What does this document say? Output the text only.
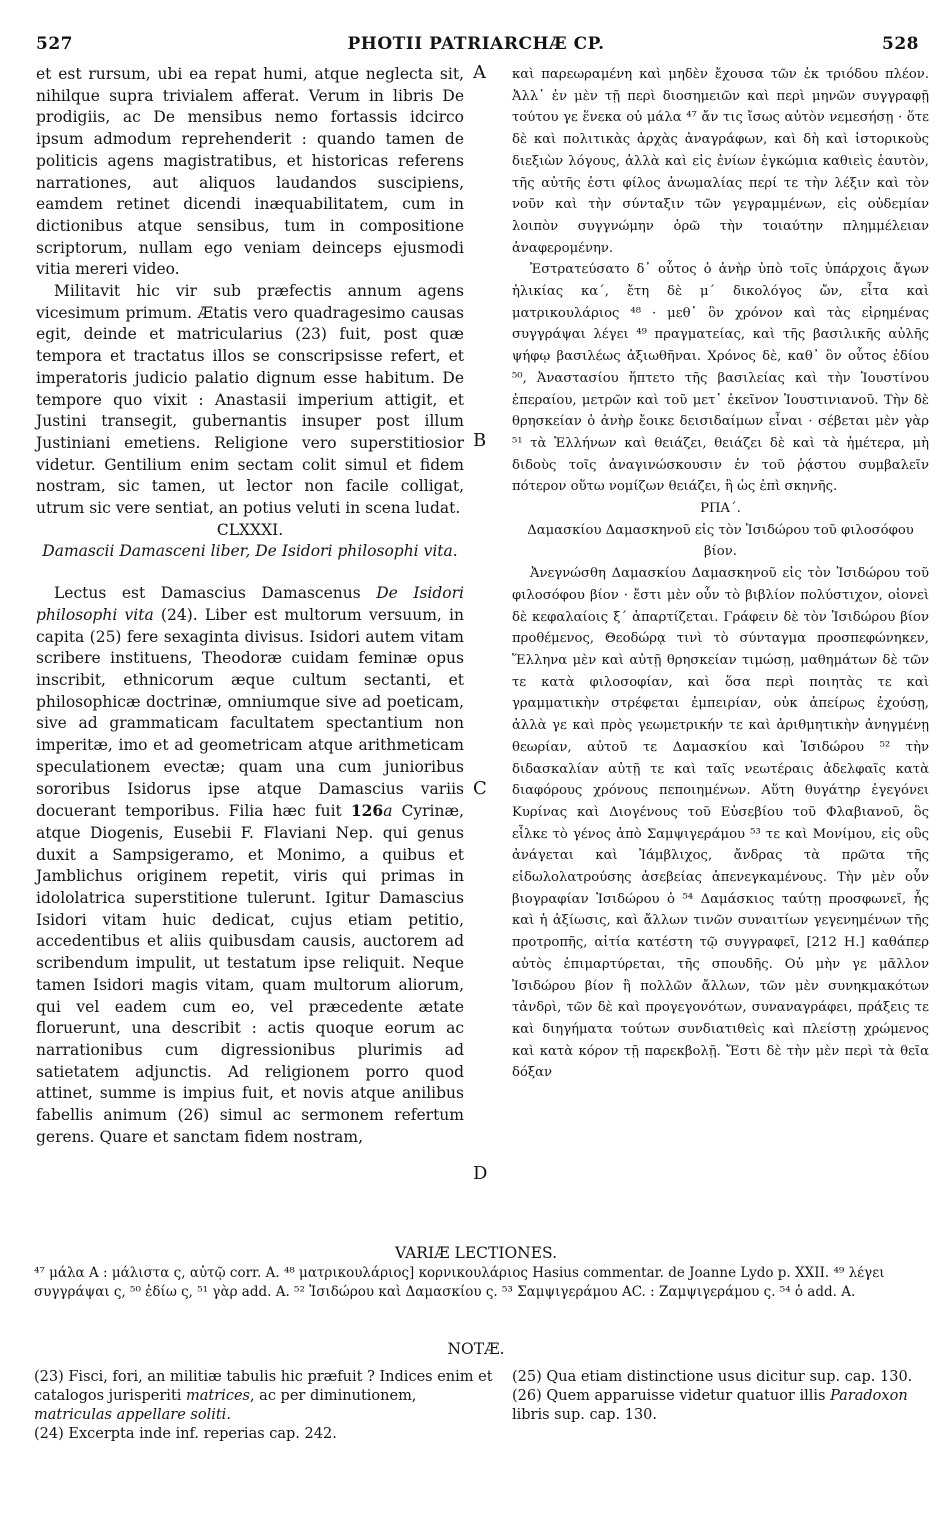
527	PHOTII PATRIARCHÆ CP.	528
A
B
C
D

et est rursum, ubi ea repat humi, atque neglecta sit, nihilque supra trivialem afferat. Verum in libris De prodigiis, ac De mensibus nemo fortassis idcirco ipsum admodum reprehenderit : quando tamen de politicis agens magistratibus, et historicas referens narrationes, aut aliquos laudandos suscipiens, eamdem retinet dicendi inæquabilitatem, cum in dictionibus atque sensibus, tum in compositione scriptorum, nullam ego veniam deinceps ejusmodi vitia mereri video.

Militavit hic vir sub præfectis annum agens vicesimum primum. Ætatis vero quadragesimo causas egit, deinde et matricularius (23) fuit, post quæ tempora et tractatus illos se conscripsisse refert, et imperatoris judicio palatio dignum esse habitum. De tempore quo vixit : Anastasii imperium attigit, et Justini transegit, gubernantis insuper post illum Justiniani emetiens. Religione vero superstitiosior videtur. Gentilium enim sectam colit simul et fidem nostram, sic tamen, ut lector non facile colligat, utrum sic vere sentiat, an potius veluti in scena ludat.

CLXXXI.

Damascii Damasceni liber, De Isidori philosophi vita.

Lectus est Damascius Damascenus De Isidori philosophi vita (24). Liber est multorum versuum, in capita (25) fere sexaginta divisus. Isidori autem vitam scribere instituens, Theodoræ cuidam feminæ opus inscribit, ethnicorum æque cultum sectanti, et philosophicæ doctrinæ, omniumque sive ad poeticam, sive ad grammaticam facultatem spectantium non imperitæ, imo et ad geometricam atque arithmeticam speculationem evectæ; quam una cum junioribus sororibus Isidorus ipse atque Damascius variis docuerant temporibus. Filia hæc fuit 126a Cyrinæ, atque Diogenis, Eusebii F. Flaviani Nep. qui genus duxit a Sampsigeramo, et Monimo, a quibus et Jamblichus originem repetit, viris qui primas in idololatrica superstitione tulerunt. Igitur Damascius Isidori vitam huic dedicat, cujus etiam petitio, accedentibus et aliis quibusdam causis, auctorem ad scribendum impulit, ut testatum ipse reliquit. Neque tamen Isidori magis vitam, quam multorum aliorum, qui vel eadem cum eo, vel præcedente ætate floruerunt, una describit : actis quoque eorum ac narrationibus cum digressionibus plurimis ad satietatem adjunctis. Ad religionem porro quod attinet, summe is impius fuit, et novis atque anilibus fabellis animum (26) simul ac sermonem refertum gerens. Quare et sanctam fidem nostram,

καὶ παρεωραμένη καὶ μηδὲν ἔχουσα τῶν ἐκ τριόδου πλέον. Ἀλλ᾽ ἐν μὲν τῇ περὶ διοσημειῶν καὶ περὶ μηνῶν συγγραφῇ τούτου γε ἕνεκα οὐ μάλα ⁴⁷ ἄν τις ἴσως αὐτὸν νεμεσήσῃ · ὅτε δὲ καὶ πολιτικὰς ἀρχὰς ἀναγράφων, καὶ δὴ καὶ ἱστορικοὺς διεξιὼν λόγους, ἀλλὰ καὶ εἰς ἐνίων ἐγκώμια καθιεὶς ἑαυτὸν, τῆς αὐτῆς ἐστι φίλος ἀνωμαλίας περί τε τὴν λέξιν καὶ τὸν νοῦν καὶ τὴν σύνταξιν τῶν γεγραμμένων, εἰς οὐδεμίαν λοιπὸν συγγνώμην ὁρῶ τὴν τοιαύτην πλημμέλειαν ἀναφερομένην.

Ἐστρατεύσατο δ᾽ οὗτος ὁ ἀνὴρ ὑπὸ τοῖς ὑπάρχοις ἄγων ἡλικίας κα´, ἔτη δὲ μ´ δικολόγος ὤν, εἶτα καὶ ματρικουλάριος ⁴⁸ · μεθ᾽ ὃν χρόνον καὶ τὰς εἰρημένας συγγράψαι λέγει ⁴⁹ πραγματείας, καὶ τῆς βασιλικῆς αὐλῆς ψήφῳ βασιλέως ἀξιωθῆναι. Χρόνος δὲ, καθ᾽ ὃν οὗτος ἐδίου ⁵⁰, Ἀναστασίου ἥπτετο τῆς βασιλείας καὶ τὴν Ἰουστίνου ἐπεραίου, μετρῶν καὶ τοῦ μετ᾽ ἐκεῖνον Ἰουστινιανοῦ. Τὴν δὲ θρησκείαν ὁ ἀνὴρ ἔοικε δεισιδαίμων εἶναι · σέβεται μὲν γὰρ ⁵¹ τὰ Ἑλλήνων καὶ θειάζει, θειάζει δὲ καὶ τὰ ἡμέτερα, μὴ διδοὺς τοῖς ἀναγινώσκουσιν ἐν τοῦ ῥᾴστου συμβαλεῖν πότερον οὕτω νομίζων θειάζει, ἢ ὡς ἐπὶ σκηνῆς.

ΡΠΑ´.

Δαμασκίου Δαμασκηνοῦ εἰς τὸν Ἰσιδώρου τοῦ φιλοσόφου βίον.

Ἀνεγνώσθη Δαμασκίου Δαμασκηνοῦ εἰς τὸν Ἰσιδώρου τοῦ φιλοσόφου βίον · ἔστι μὲν οὖν τὸ βιβλίον πολύστιχον, οἱονεὶ δὲ κεφαλαίοις ξ´ ἀπαρτίζεται. Γράφειν δὲ τὸν Ἰσιδώρου βίον προθέμενος, Θεοδώρᾳ τινὶ τὸ σύνταγμα προσπεφώνηκεν, Ἕλληνα μὲν καὶ αὐτῇ θρησκείαν τιμώσῃ, μαθημάτων δὲ τῶν τε κατὰ φιλοσοφίαν, καὶ ὅσα περὶ ποιητὰς τε καὶ γραμματικὴν στρέφεται ἐμπειρίαν, οὐκ ἀπείρως ἐχούσῃ, ἀλλὰ γε καὶ πρὸς γεωμετρικήν τε καὶ ἀριθμητικὴν ἀνηγμένῃ θεωρίαν, αὐτοῦ τε Δαμασκίου καὶ Ἰσιδώρου ⁵² τὴν διδασκαλίαν αὐτῇ τε καὶ ταῖς νεωτέραις ἀδελφαῖς κατὰ διαφόρους χρόνους πεποιημένων. Αὕτη θυγάτηρ ἐγεγόνει Κυρίνας καὶ Διογένους τοῦ Εὐσεβίου τοῦ Φλαβιανοῦ, ὃς εἷλκε τὸ γένος ἀπὸ Σαμψιγεράμου ⁵³ τε καὶ Μονίμου, εἰς οὓς ἀνάγεται καὶ Ἰάμβλιχος, ἄνδρας τὰ πρῶτα τῆς εἰδωλολατρούσης ἀσεβείας ἀπενεγκαμένους. Τὴν μὲν οὖν βιογραφίαν Ἰσιδώρου ὁ ⁵⁴ Δαμάσκιος ταύτῃ προσφωνεῖ, ἧς καὶ ἡ ἀξίωσις, καὶ ἄλλων τινῶν συναιτίων γεγενημένων τῆς προτροπῆς, αἰτία κατέστη τῷ συγγραφεῖ, [212 H.] καθάπερ αὐτὸς ἐπιμαρτύρεται, τῆς σπουδῆς. Οὐ μὴν γε μᾶλλον Ἰσιδώρου βίον ἢ πολλῶν ἄλλων, τῶν μὲν συνηκμακότων τἀνδρὶ, τῶν δὲ καὶ προγεγονότων, συναναγράφει, πράξεις τε καὶ διηγήματα τούτων συνδιατιθεὶς καὶ πλείστῃ χρώμενος καὶ κατὰ κόρον τῇ παρεκβολῇ. Ἔστι δὲ τὴν μὲν περὶ τὰ θεῖα δόξαν

VARIÆ LECTIONES.
⁴⁷ μάλα A : μάλιστα ς, αὐτῷ corr. A. ⁴⁸ ματρικουλάριος] κορνικουλάριος Hasius commentar. de Joanne Lydo p. XXII. ⁴⁹ λέγει συγγράψαι ς, ⁵⁰ ἐδίω ς, ⁵¹ γὰρ add. A. ⁵² Ἰσιδώρου καὶ Δαμασκίου ς. ⁵³ Σαμψιγεράμου AC. : Ζαμψιγεράμου ς. ⁵⁴ ὁ add. A.
NOTÆ.
(23) Fisci, fori, an militiæ tabulis hic præfuit ? Indices enim et catalogos jurisperiti matrices, ac per diminutionem, matriculas appellare soliti.
(24) Excerpta inde inf. reperias cap. 242.
(25) Qua etiam distinctione usus dicitur sup. cap. 130.
(26) Quem apparuisse videtur quatuor illis Paradoxon libris sup. cap. 130.
